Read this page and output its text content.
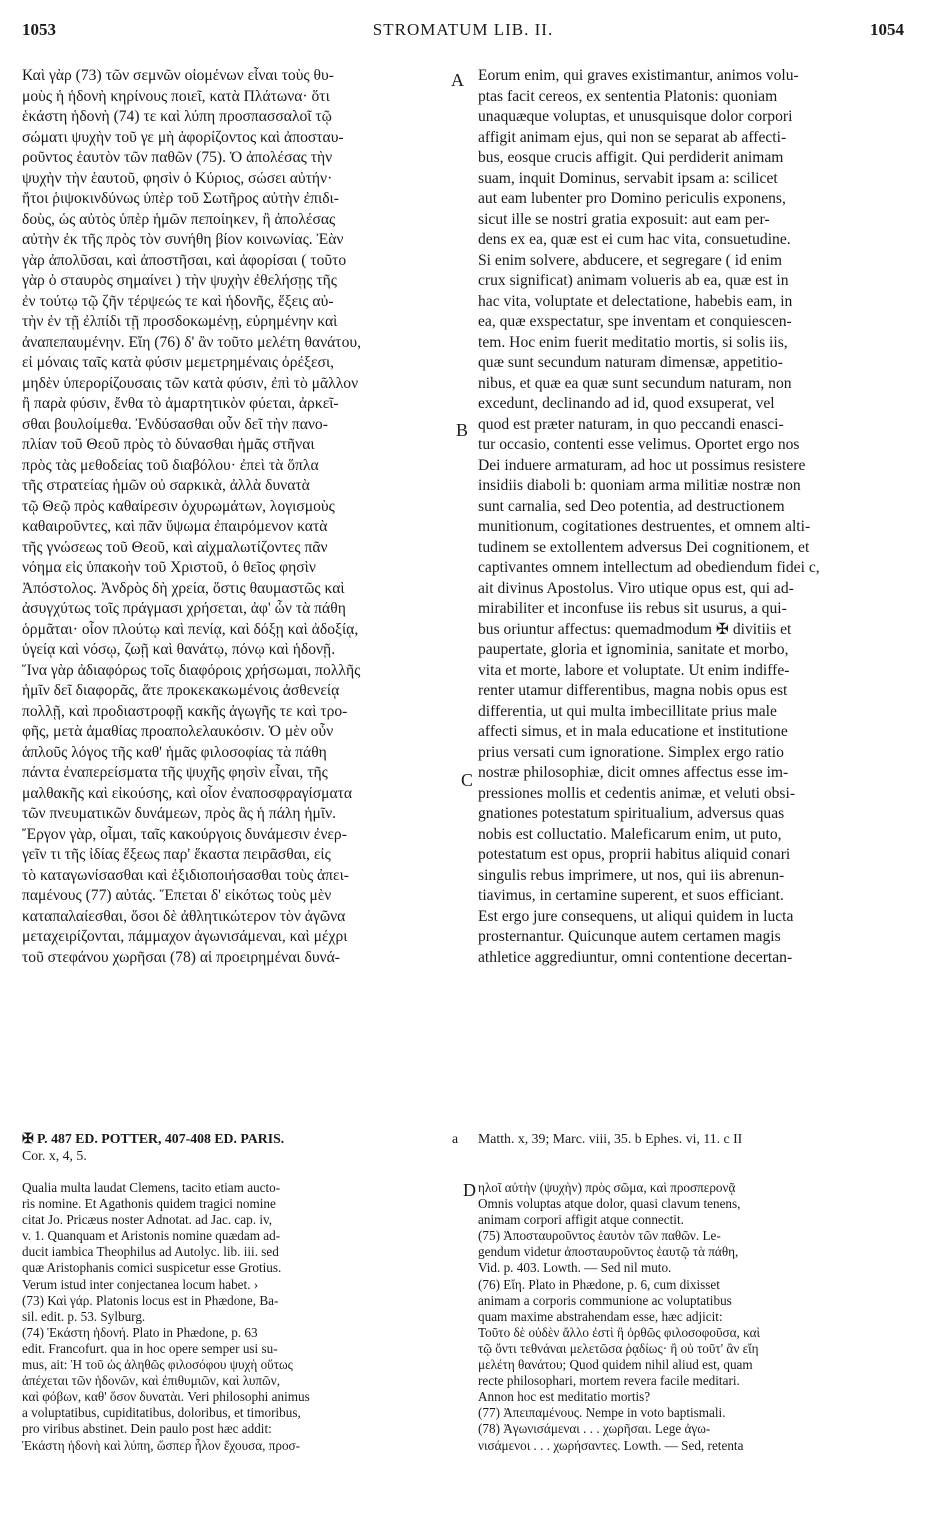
1053	STROMATUM LIB. II.	1054
A
B
C
D
Καὶ γὰρ (73) τῶν σεμνῶν οἰομένων εἶναι τοὺς θυ-
μοὺς ἡ ἡδονὴ κηρίνους ποιεῖ, κατὰ Πλάτωνα· ὅτι
ἑκάστη ἡδονὴ (74) τε καὶ λύπη προσπασσαλοῖ τῷ
σώματι ψυχὴν τοῦ γε μὴ ἀφορίζοντος καὶ ἀποσταυ-
ροῦντος ἑαυτὸν τῶν παθῶν (75). Ὁ ἀπολέσας τὴν
ψυχὴν τὴν ἑαυτοῦ, φησὶν ὁ Κύριος, σώσει αὐτήν·
ἤτοι ῥιψοκινδύνως ὑπὲρ τοῦ Σωτῆρος αὐτὴν ἐπιδι-
δοὺς, ὡς αὐτὸς ὑπὲρ ἡμῶν πεποίηκεν, ἢ ἀπολέσας
αὐτὴν ἐκ τῆς πρὸς τὸν συνήθη βίον κοινωνίας. Ἐὰν
γὰρ ἀπολῦσαι, καὶ ἀποστῆσαι, καὶ ἀφορίσαι ( τοῦτο
γὰρ ὁ σταυρὸς σημαίνει ) τὴν ψυχὴν ἐθελήσῃς τῆς
ἐν τούτῳ τῷ ζῆν τέρψεώς τε καὶ ἡδονῆς, ἕξεις αὐ-
τὴν ἐν τῇ ἐλπίδι τῇ προσδοκωμένῃ, εὑρημένην καὶ
ἀναπεπαυμένην. Εἴη (76) δ' ἂν τοῦτο μελέτη θανάτου,
εἰ μόναις ταῖς κατὰ φύσιν μεμετρημέναις ὀρέξεσι,
μηδὲν ὑπερορίζουσαις τῶν κατὰ φύσιν, ἐπὶ τὸ μᾶλλον
ἢ παρὰ φύσιν, ἔνθα τὸ ἁμαρτητικὸν φύεται, ἀρκεῖ-
σθαι βουλοίμεθα. Ἐνδύσασθαι οὖν δεῖ τὴν πανο-
πλίαν τοῦ Θεοῦ πρὸς τὸ δύνασθαι ἡμᾶς στῆναι
πρὸς τὰς μεθοδείας τοῦ διαβόλου· ἐπεὶ τὰ ὅπλα
τῆς στρατείας ἡμῶν οὐ σαρκικὰ, ἀλλὰ δυνατὰ
τῷ Θεῷ πρὸς καθαίρεσιν ὀχυρωμάτων, λογισμοὺς
καθαιροῦντες, καὶ πᾶν ὕψωμα ἐπαιρόμενον κατὰ
τῆς γνώσεως τοῦ Θεοῦ, καὶ αἰχμαλωτίζοντες πᾶν
νόημα εἰς ὑπακοὴν τοῦ Χριστοῦ, ὁ θεῖος φησὶν
Ἀπόστολος. Ἀνδρὸς δὴ χρεία, ὅστις θαυμαστῶς καὶ
ἀσυγχύτως τοῖς πράγμασι χρήσεται, ἀφ' ὧν τὰ πάθη
ὁρμᾶται· οἷον πλούτῳ καὶ πενίᾳ, καὶ δόξῃ καὶ ἀδοξίᾳ,
ὑγείᾳ καὶ νόσῳ, ζωῇ καὶ θανάτῳ, πόνῳ καὶ ἡδονῇ.
Ἵνα γὰρ ἀδιαφόρως τοῖς διαφόροις χρήσωμαι, πολλῆς
ἡμῖν δεῖ διαφορᾶς, ἅτε προκεκακωμένοις ἀσθενείᾳ
πολλῇ, καὶ προδιαστροφῇ κακῆς ἀγωγῆς τε καὶ τρο-
φῆς, μετὰ ἀμαθίας προαπολελαυκόσιν. Ὁ μὲν οὖν
ἁπλοῦς λόγος τῆς καθ' ἡμᾶς φιλοσοφίας τὰ πάθη
πάντα ἐναπερείσματα τῆς ψυχῆς φησὶν εἶναι, τῆς
μαλθακῆς καὶ εἰκούσης, καὶ οἷον ἐναποσφραγίσματα
τῶν πνευματικῶν δυνάμεων, πρὸς ἃς ἡ πάλη ἡμῖν.
Ἔργον γὰρ, οἶμαι, ταῖς κακούργοις δυνάμεσιν ἐνερ-
γεῖν τι τῆς ἰδίας ἕξεως παρ' ἕκαστα πειρᾶσθαι, εἰς
τὸ καταγωνίσασθαι καὶ ἐξιδιοποιήσασθαι τοὺς ἀπει-
παμένους (77) αὐτάς. Ἕπεται δ' εἰκότως τοὺς μὲν
καταπαλαίεσθαι, ὅσοι δὲ ἀθλητικώτερον τὸν ἀγῶνα
μεταχειρίζονται, πάμμαχον ἀγωνισάμεναι, καὶ μέχρι
τοῦ στεφάνου χωρῆσαι (78) αἱ προειρημέναι δυνά-
Eorum enim, qui graves existimantur, animos volu-
ptas facit cereos, ex sententia Platonis: quoniam
unaquæque voluptas, et unusquisque dolor corpori
affigit animam ejus, qui non se separat ab affecti-
bus, eosque crucis affigit. Qui perdiderit animam
suam, inquit Dominus, servabit ipsam a: scilicet
aut eam lubenter pro Domino periculis exponens,
sicut ille se nostri gratia exposuit: aut eam per-
dens ex ea, quæ est ei cum hac vita, consuetudine.
Si enim solvere, abducere, et segregare ( id enim
crux significat) animam volueris ab ea, quæ est in
hac vita, voluptate et delectatione, habebis eam, in
ea, quæ exspectatur, spe inventam et conquiescen-
tem. Hoc enim fuerit meditatio mortis, si solis iis,
quæ sunt secundum naturam dimensæ, appetitio-
nibus, et quæ ea quæ sunt secundum naturam, non
excedunt, declinando ad id, quod exsuperat, vel
quod est præter naturam, in quo peccandi enasci-
tur occasio, contenti esse velimus. Oportet ergo nos
Dei induere armaturam, ad hoc ut possimus resistere
insidiis diaboli b: quoniam arma militiæ nostræ non
sunt carnalia, sed Deo potentia, ad destructionem
munitionum, cogitationes destruentes, et omnem alti-
tudinem se extollentem adversus Dei cognitionem, et
captivantes omnem intellectum ad obediendum fidei c,
ait divinus Apostolus. Viro utique opus est, qui ad-
mirabiliter et inconfuse iis rebus sit usurus, a qui-
bus oriuntur affectus: quemadmodum ✠ divitiis et
paupertate, gloria et ignominia, sanitate et morbo,
vita et morte, labore et voluptate. Ut enim indiffe-
renter utamur differentibus, magna nobis opus est
differentia, ut qui multa imbecillitate prius male
affecti simus, et in mala educatione et institutione
prius versati cum ignoratione. Simplex ergo ratio
nostræ philosophiæ, dicit omnes affectus esse im-
pressiones mollis et cedentis animæ, et veluti obsi-
gnationes potestatum spiritualium, adversus quas
nobis est colluctatio. Maleficarum enim, ut puto,
potestatum est opus, proprii habitus aliquid conari
singulis rebus imprimere, ut nos, qui iis abrenun-
tiavimus, in certamine superent, et suos efficiant.
Est ergo jure consequens, ut aliqui quidem in lucta
prosternantur. Quicunque autem certamen magis
athletice aggrediuntur, omni contentione decertan-
✠ P. 487 ED. POTTER, 407-408 ED. PARIS.	a	Matth. x, 39; Marc. viii, 35. b Ephes. vi, 11. c II
Cor. x, 4, 5.
Qualia multa laudat Clemens, tacito etiam aucto-
ris nomine. Et Agathonis quidem tragici nomine
citat Jo. Pricæus noster Adnotat. ad Jac. cap. iv,
v. 1. Quanquam et Aristonis nomine quædam ad-
ducit iambica Theophilus ad Autolyc. lib. iii. sed
quæ Aristophanis comici suspicetur esse Grotius.
Verum istud inter conjectanea locum habet. ›
(73) Καὶ γάρ. Platonis locus est in Phædone, Ba-
sil. edit. p. 53. Sylburg.
(74) Ἑκάστη ἡδονή. Plato in Phædone, p. 63
edit. Francofurt. qua in hoc opere semper usi su-
mus, ait: Ἡ τοῦ ὡς ἀληθῶς φιλοσόφου ψυχὴ οὕτως
ἀπέχεται τῶν ἡδονῶν, καὶ ἐπιθυμιῶν, καὶ λυπῶν,
καὶ φόβων, καθ' ὅσον δυνατὰι. Veri philosophi animus
a voluptatibus, cupiditatibus, doloribus, et timoribus,
pro viribus abstinet. Dein paulo post hæc addit:
Ἑκάστη ἡδονὴ καὶ λύπη, ὥσπερ ἧλον ἔχουσα, προσ-
ηλοῖ αὐτὴν (ψυχὴν) πρὸς σῶμα, καὶ προσπερονᾷ
Omnis voluptas atque dolor, quasi clavum tenens,
animam corpori affigit atque connectit.
(75) Ἀποσταυροῦντος ἑαυτὸν τῶν παθῶν. Le-
gendum videtur ἀποσταυροῦντος ἑαυτῷ τὰ πάθη,
Vid. p. 403. Lowth. — Sed nil muto.
(76) Εἴη. Plato in Phædone, p. 6, cum dixisset
animam a corporis communione ac voluptatibus
quam maxime abstrahendam esse, hæc adjicit:
Τοῦτο δὲ οὐδὲν ἄλλο ἐστὶ ἢ ὀρθῶς φιλοσοφοῦσα, καὶ
τῷ ὄντι τεθνάναι μελετῶσα ῥᾳδίως· ἢ οὐ τοῦτ' ἂν εἴη
μελέτη θανάτου; Quod quidem nihil aliud est, quam
recte philosophari, mortem revera facile meditari.
Annon hoc est meditatio mortis?
(77) Ἀπειπαμένους. Nempe in voto baptismali.
(78) Ἀγωνισάμεναι . . . χωρῆσαι. Lege ἀγω-
νισάμενοι . . . χωρήσαντες. Lowth. — Sed, retenta
